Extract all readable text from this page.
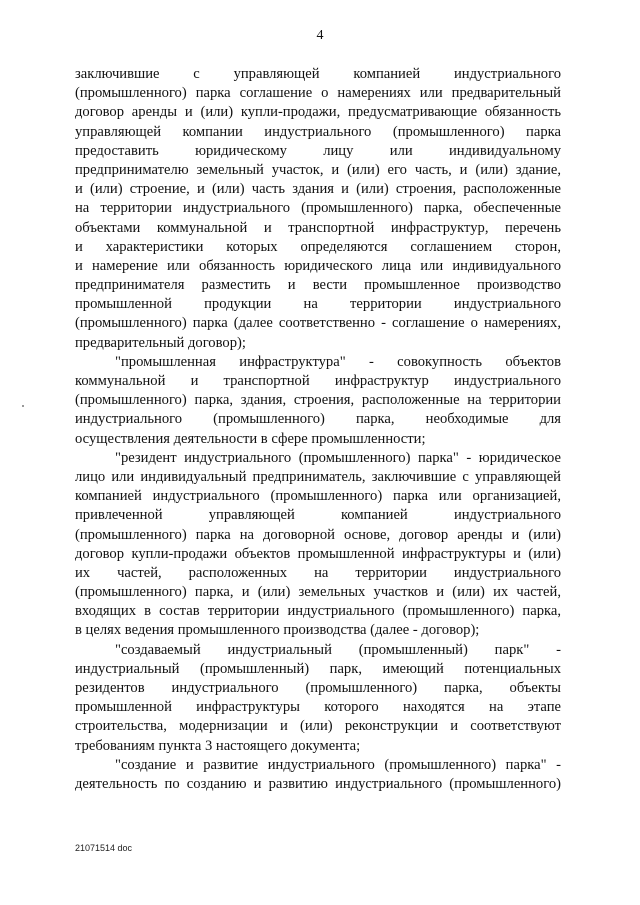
4
заключившие с управляющей компанией индустриального
(промышленного) парка соглашение о намерениях или предварительный
договор аренды и (или) купли-продажи, предусматривающие обязанность
управляющей компании индустриального (промышленного) парка
предоставить юридическому лицу или индивидуальному
предпринимателю земельный участок, и (или) его часть, и (или) здание,
и (или) строение, и (или) часть здания и (или) строения, расположенные
на территории индустриального (промышленного) парка, обеспеченные
объектами коммунальной и транспортной инфраструктур, перечень
и характеристики которых определяются соглашением сторон,
и намерение или обязанность юридического лица или индивидуального
предпринимателя разместить и вести промышленное производство
промышленной продукции на территории индустриального
(промышленного) парка (далее соответственно - соглашение о намерениях,
предварительный договор);
"промышленная инфраструктура" - совокупность объектов
коммунальной и транспортной инфраструктур индустриального
(промышленного) парка, здания, строения, расположенные на территории
индустриального (промышленного) парка, необходимые для
осуществления деятельности в сфере промышленности;
"резидент индустриального (промышленного) парка" - юридическое
лицо или индивидуальный предприниматель, заключившие с управляющей
компанией индустриального (промышленного) парка или организацией,
привлеченной управляющей компанией индустриального
(промышленного) парка на договорной основе, договор аренды и (или)
договор купли-продажи объектов промышленной инфраструктуры и (или)
их частей, расположенных на территории индустриального
(промышленного) парка, и (или) земельных участков и (или) их частей,
входящих в состав территории индустриального (промышленного) парка,
в целях ведения промышленного производства (далее - договор);
"создаваемый индустриальный (промышленный) парк" -
индустриальный (промышленный) парк, имеющий потенциальных
резидентов индустриального (промышленного) парка, объекты
промышленной инфраструктуры которого находятся на этапе
строительства, модернизации и (или) реконструкции и соответствуют
требованиям пункта 3 настоящего документа;
"создание и развитие индустриального (промышленного) парка" -
деятельность по созданию и развитию индустриального (промышленного)
21071514 doc
